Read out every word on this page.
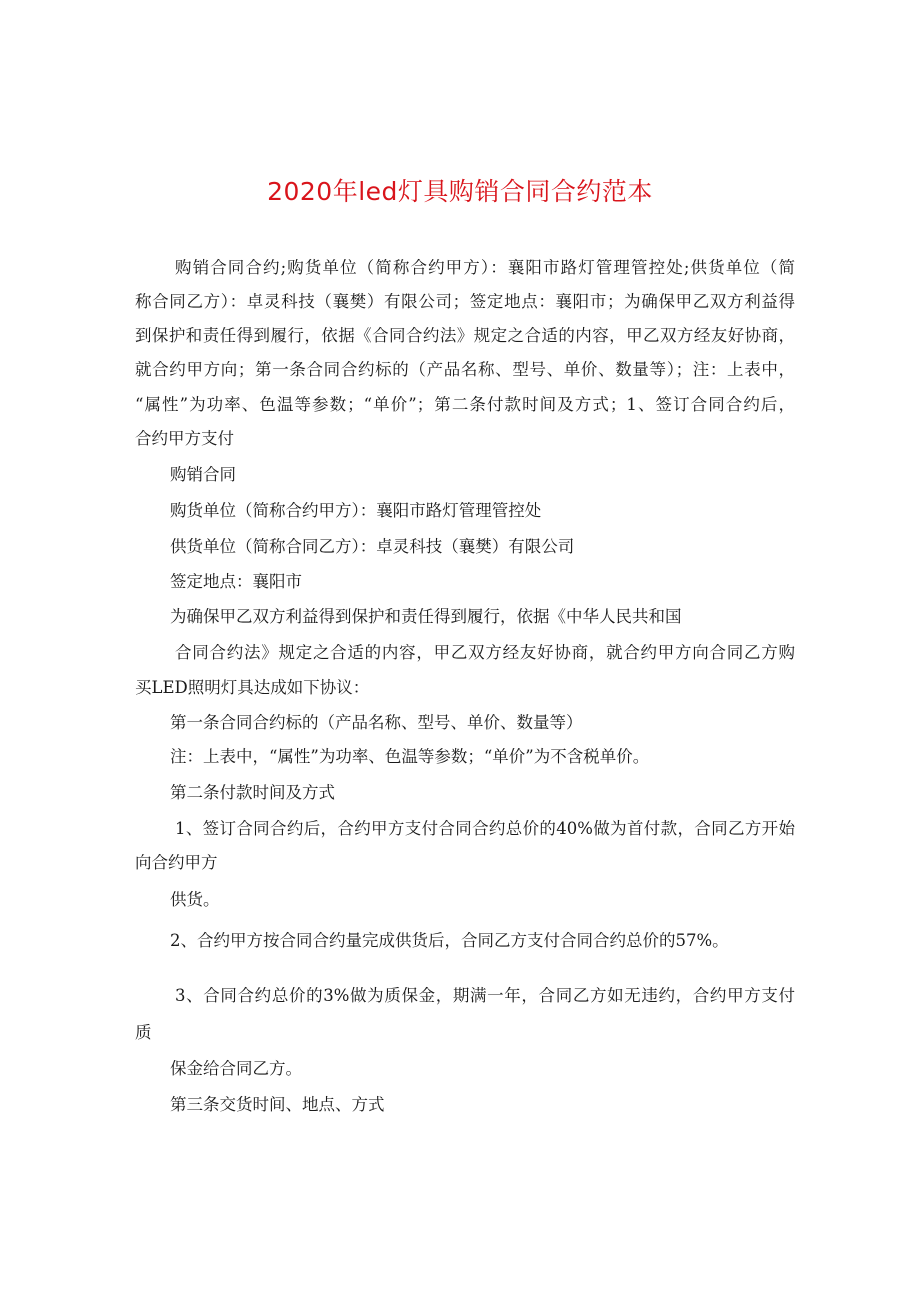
2020年led灯具购销合同合约范本
购销合同合约;购货单位（简称合约甲方）：襄阳市路灯管理管控处;供货单位（简
称合同乙方）：卓灵科技（襄樊）有限公司；签定地点：襄阳市；为确保甲乙双方利益得
到保护和责任得到履行，依据《合同合约法》规定之合适的内容，甲乙双方经友好协商，
就合约甲方向；第一条合同合约标的（产品名称、型号、单价、数量等）；注：上表中，
“属性”为功率、色温等参数；“单价”；第二条付款时间及方式；1、签订合同合约后，
合约甲方支付
购销合同
购货单位（简称合约甲方）：襄阳市路灯管理管控处
供货单位（简称合同乙方）：卓灵科技（襄樊）有限公司
签定地点：襄阳市
为确保甲乙双方利益得到保护和责任得到履行，依据《中华人民共和国
合同合约法》规定之合适的内容，甲乙双方经友好协商，就合约甲方向合同乙方购
买LED照明灯具达成如下协议：
第一条合同合约标的（产品名称、型号、单价、数量等）
注：上表中，“属性”为功率、色温等参数；“单价”为不含税单价。
第二条付款时间及方式
1、签订合同合约后，合约甲方支付合同合约总价的40%做为首付款，合同乙方开始
向合约甲方
供货。
2、合约甲方按合同合约量完成供货后，合同乙方支付合同合约总价的57%。
3、合同合约总价的3%做为质保金，期满一年，合同乙方如无违约，合约甲方支付
质
保金给合同乙方。
第三条交货时间、地点、方式
